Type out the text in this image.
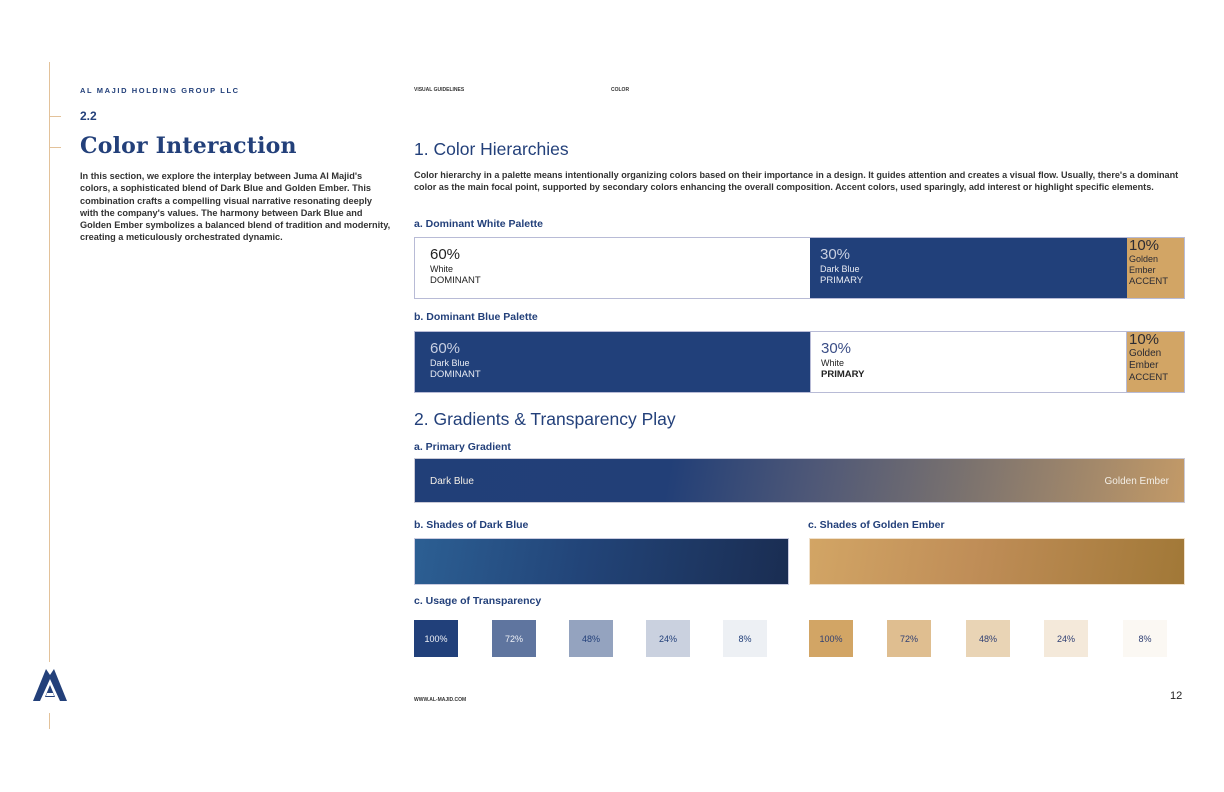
AL MAJID HOLDING GROUP LLC	VISUAL GUIDELINES	COLOR
2.2
Color Interaction
In this section, we explore the interplay between Juma Al Majid's colors, a sophisticated blend of Dark Blue and Golden Ember. This combination crafts a compelling visual narrative resonating deeply with the company's values. The harmony between Dark Blue and Golden Ember symbolizes a balanced blend of tradition and modernity, creating a meticulously orchestrated dynamic.
1. Color Hierarchies
Color hierarchy in a palette means intentionally organizing colors based on their importance in a design. It guides attention and creates a visual flow. Usually, there's a dominant color as the main focal point, supported by secondary colors enhancing the overall composition. Accent colors, used sparingly, add interest or highlight specific elements.
a. Dominant White Palette
60%
White
DOMINANT
30%
Dark Blue
PRIMARY
10%
Golden Ember
ACCENT
b. Dominant Blue Palette
60%
Dark Blue
DOMINANT
30%
White
PRIMARY
10%
Golden Ember
ACCENT
2. Gradients & Transparency Play
a. Primary Gradient
Dark Blue	Golden Ember
b. Shades of Dark Blue	c. Shades of Golden Ember
c. Usage of Transparency
100%	72%	48%	24%	8%	100%	72%	48%	24%	8%
WWW.AL-MAJID.COM	12
